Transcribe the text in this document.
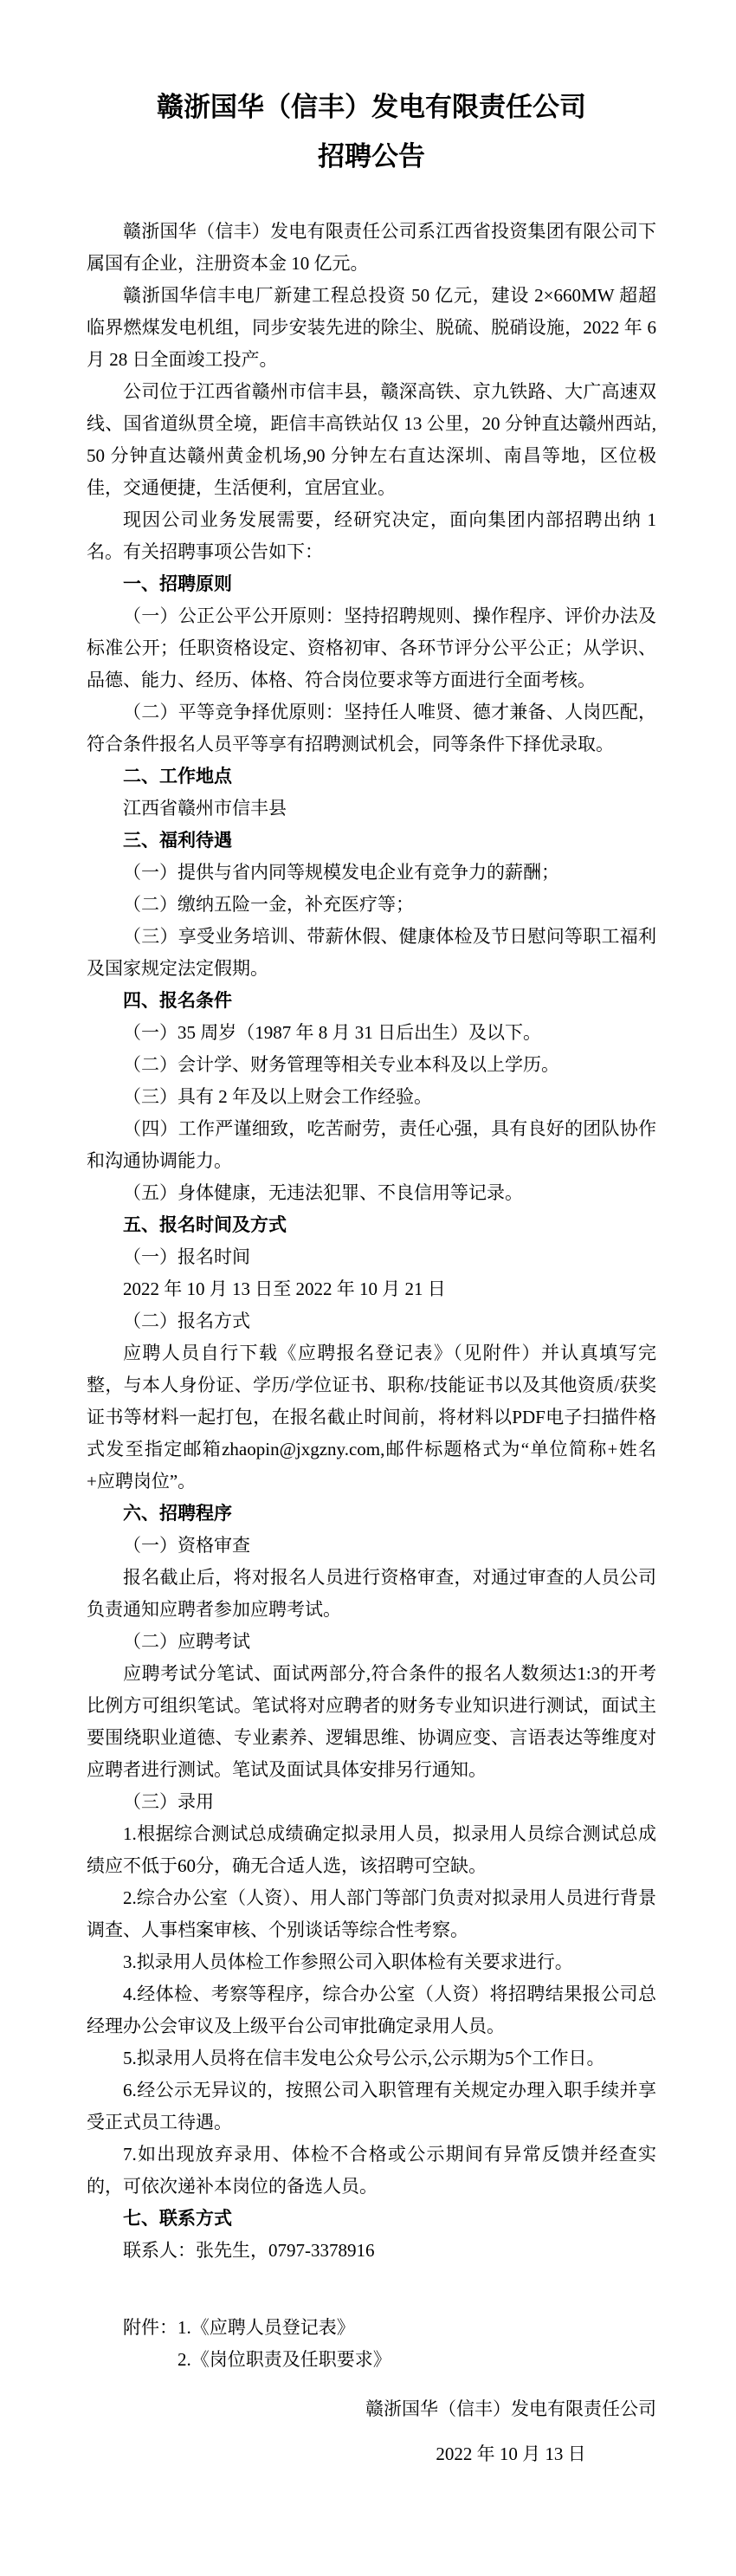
赣浙国华（信丰）发电有限责任公司
招聘公告

赣浙国华（信丰）发电有限责任公司系江西省投资集团有限公司下属国有企业，注册资本金 10 亿元。

赣浙国华信丰电厂新建工程总投资 50 亿元，建设 2×660MW 超超临界燃煤发电机组，同步安装先进的除尘、脱硫、脱硝设施，2022 年 6 月 28 日全面竣工投产。

公司位于江西省赣州市信丰县，赣深高铁、京九铁路、大广高速双线、国省道纵贯全境，距信丰高铁站仅 13 公里，20 分钟直达赣州西站,50 分钟直达赣州黄金机场,90 分钟左右直达深圳、南昌等地，区位极佳，交通便捷，生活便利，宜居宜业。

现因公司业务发展需要，经研究决定，面向集团内部招聘出纳 1 名。有关招聘事项公告如下：

一、招聘原则

（一）公正公平公开原则：坚持招聘规则、操作程序、评价办法及标准公开；任职资格设定、资格初审、各环节评分公平公正；从学识、品德、能力、经历、体格、符合岗位要求等方面进行全面考核。

（二）平等竞争择优原则：坚持任人唯贤、德才兼备、人岗匹配，符合条件报名人员平等享有招聘测试机会，同等条件下择优录取。

二、工作地点

江西省赣州市信丰县

三、福利待遇

（一）提供与省内同等规模发电企业有竞争力的薪酬；

（二）缴纳五险一金，补充医疗等；

（三）享受业务培训、带薪休假、健康体检及节日慰问等职工福利及国家规定法定假期。

四、报名条件

（一）35 周岁（1987 年 8 月 31 日后出生）及以下。

（二）会计学、财务管理等相关专业本科及以上学历。

（三）具有 2 年及以上财会工作经验。

（四）工作严谨细致，吃苦耐劳，责任心强，具有良好的团队协作和沟通协调能力。

（五）身体健康，无违法犯罪、不良信用等记录。

五、报名时间及方式

（一）报名时间

2022 年 10 月 13 日至 2022 年 10 月 21 日

（二）报名方式

应聘人员自行下载《应聘报名登记表》（见附件）并认真填写完整，与本人身份证、学历/学位证书、职称/技能证书以及其他资质/获奖证书等材料一起打包，在报名截止时间前，将材料以PDF电子扫描件格式发至指定邮箱zhaopin@jxgzny.com,邮件标题格式为“单位简称+姓名+应聘岗位”。

六、招聘程序

（一）资格审查

报名截止后，将对报名人员进行资格审查，对通过审查的人员公司负责通知应聘者参加应聘考试。

（二）应聘考试

应聘考试分笔试、面试两部分,符合条件的报名人数须达1:3的开考比例方可组织笔试。笔试将对应聘者的财务专业知识进行测试，面试主要围绕职业道德、专业素养、逻辑思维、协调应变、言语表达等维度对应聘者进行测试。笔试及面试具体安排另行通知。

（三）录用

1.根据综合测试总成绩确定拟录用人员，拟录用人员综合测试总成绩应不低于60分，确无合适人选，该招聘可空缺。

2.综合办公室（人资）、用人部门等部门负责对拟录用人员进行背景调查、人事档案审核、个别谈话等综合性考察。

3.拟录用人员体检工作参照公司入职体检有关要求进行。

4.经体检、考察等程序，综合办公室（人资）将招聘结果报公司总经理办公会审议及上级平台公司审批确定录用人员。

5.拟录用人员将在信丰发电公众号公示,公示期为5个工作日。

6.经公示无异议的，按照公司入职管理有关规定办理入职手续并享受正式员工待遇。

7.如出现放弃录用、体检不合格或公示期间有异常反馈并经查实的，可依次递补本岗位的备选人员。

七、联系方式

联系人：张先生，0797-3378916

附件：1.《应聘人员登记表》

2.《岗位职责及任职要求》

赣浙国华（信丰）发电有限责任公司

2022 年 10 月 13 日
